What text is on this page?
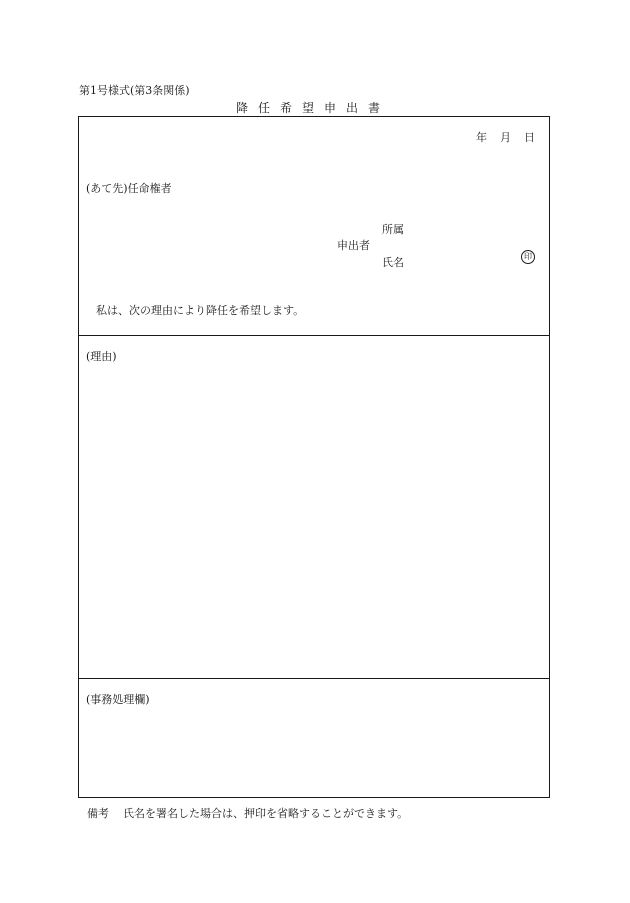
第1号様式(第3条関係)
降任希望申出書
年 月 日
(あて先)任命権者
所属
申出者
氏名	印
私は、次の理由により降任を希望します。
(理由)
(事務処理欄)
備考 氏名を署名した場合は、押印を省略することができます。
